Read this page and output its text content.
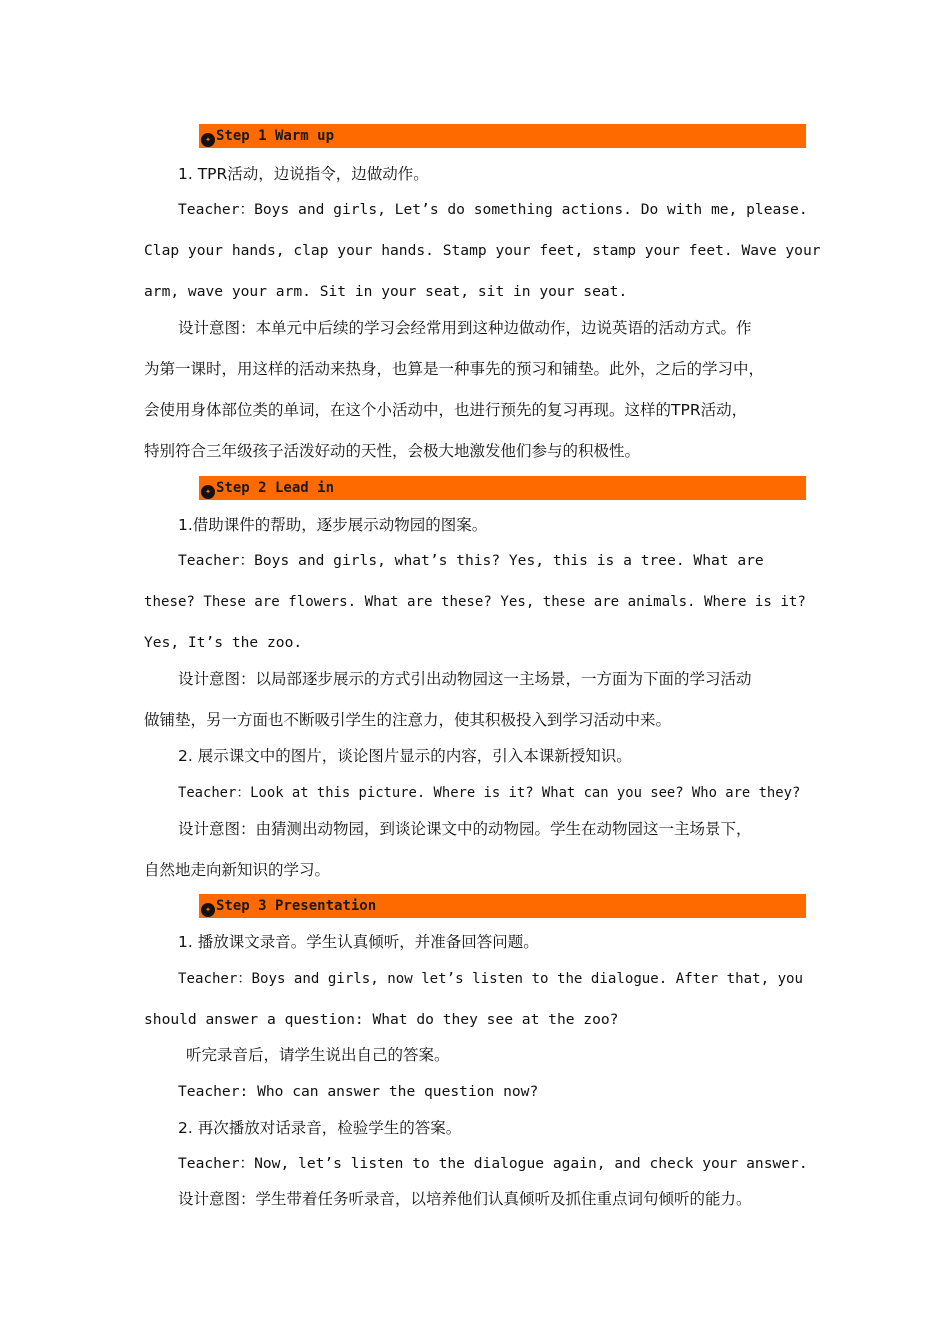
✦ Step 1 Warm up
1. TPR活动，边说指令，边做动作。
Teacher：Boys and girls, Let’s do something actions. Do with me, please.
Clap your hands, clap your hands. Stamp your feet, stamp your feet. Wave your
arm, wave your arm. Sit in your seat, sit in your seat.
设计意图：本单元中后续的学习会经常用到这种边做动作，边说英语的活动方式。作
为第一课时，用这样的活动来热身，也算是一种事先的预习和铺垫。此外，之后的学习中，
会使用身体部位类的单词，在这个小活动中，也进行预先的复习再现。这样的TPR活动，
特别符合三年级孩子活泼好动的天性，会极大地激发他们参与的积极性。
✦ Step 2 Lead in
1.借助课件的帮助，逐步展示动物园的图案。
Teacher：Boys and girls, what’s this? Yes, this is a tree. What are
these? These are flowers. What are these? Yes, these are animals. Where is it?
Yes, It’s the zoo.
设计意图：以局部逐步展示的方式引出动物园这一主场景，一方面为下面的学习活动
做铺垫，另一方面也不断吸引学生的注意力，使其积极投入到学习活动中来。
2. 展示课文中的图片，谈论图片显示的内容，引入本课新授知识。
Teacher：Look at this picture. Where is it? What can you see? Who are they?
设计意图：由猜测出动物园，到谈论课文中的动物园。学生在动物园这一主场景下，
自然地走向新知识的学习。
✦ Step 3 Presentation
1. 播放课文录音。学生认真倾听，并准备回答问题。
Teacher：Boys and girls, now let’s listen to the dialogue. After that, you
should answer a question: What do they see at the zoo?
听完录音后，请学生说出自己的答案。
Teacher: Who can answer the question now?
2. 再次播放对话录音，检验学生的答案。
Teacher：Now, let’s listen to the dialogue again, and check your answer.
设计意图：学生带着任务听录音，以培养他们认真倾听及抓住重点词句倾听的能力。
